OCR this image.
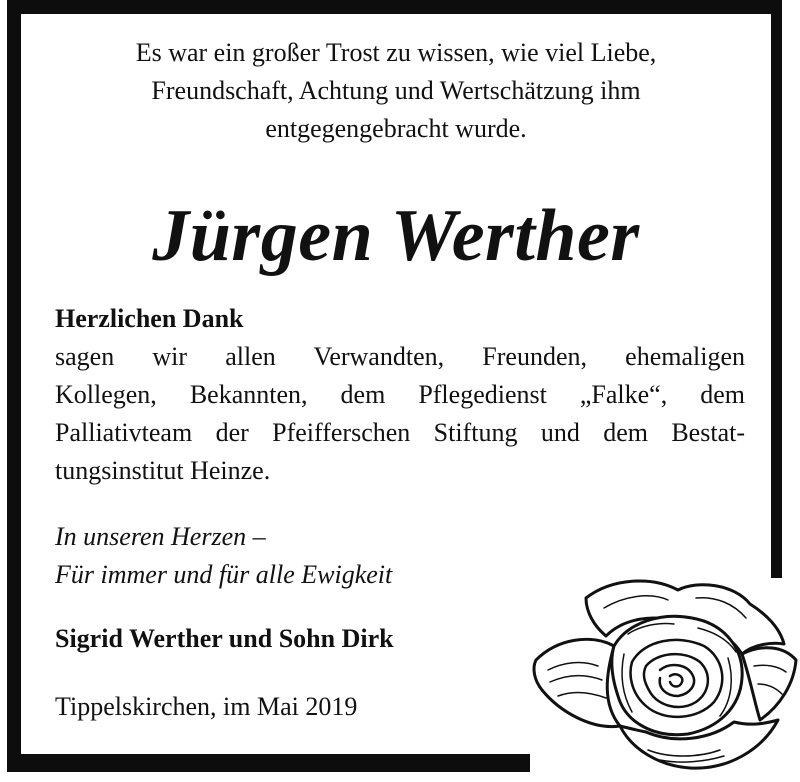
Es war ein großer Trost zu wissen, wie viel Liebe,
Freundschaft, Achtung und Wertschätzung ihm
entgegengebracht wurde.
Jürgen Werther
Herzlichen Dank
sagen wir allen Verwandten, Freunden, ehemaligen
Kollegen, Bekannten, dem Pflegedienst „Falke“, dem
Palliativteam der Pfeifferschen Stiftung und dem Bestat-
tungsinstitut Heinze.
In unseren Herzen –
Für immer und für alle Ewigkeit
Sigrid Werther und Sohn Dirk
Tippelskirchen, im Mai 2019
